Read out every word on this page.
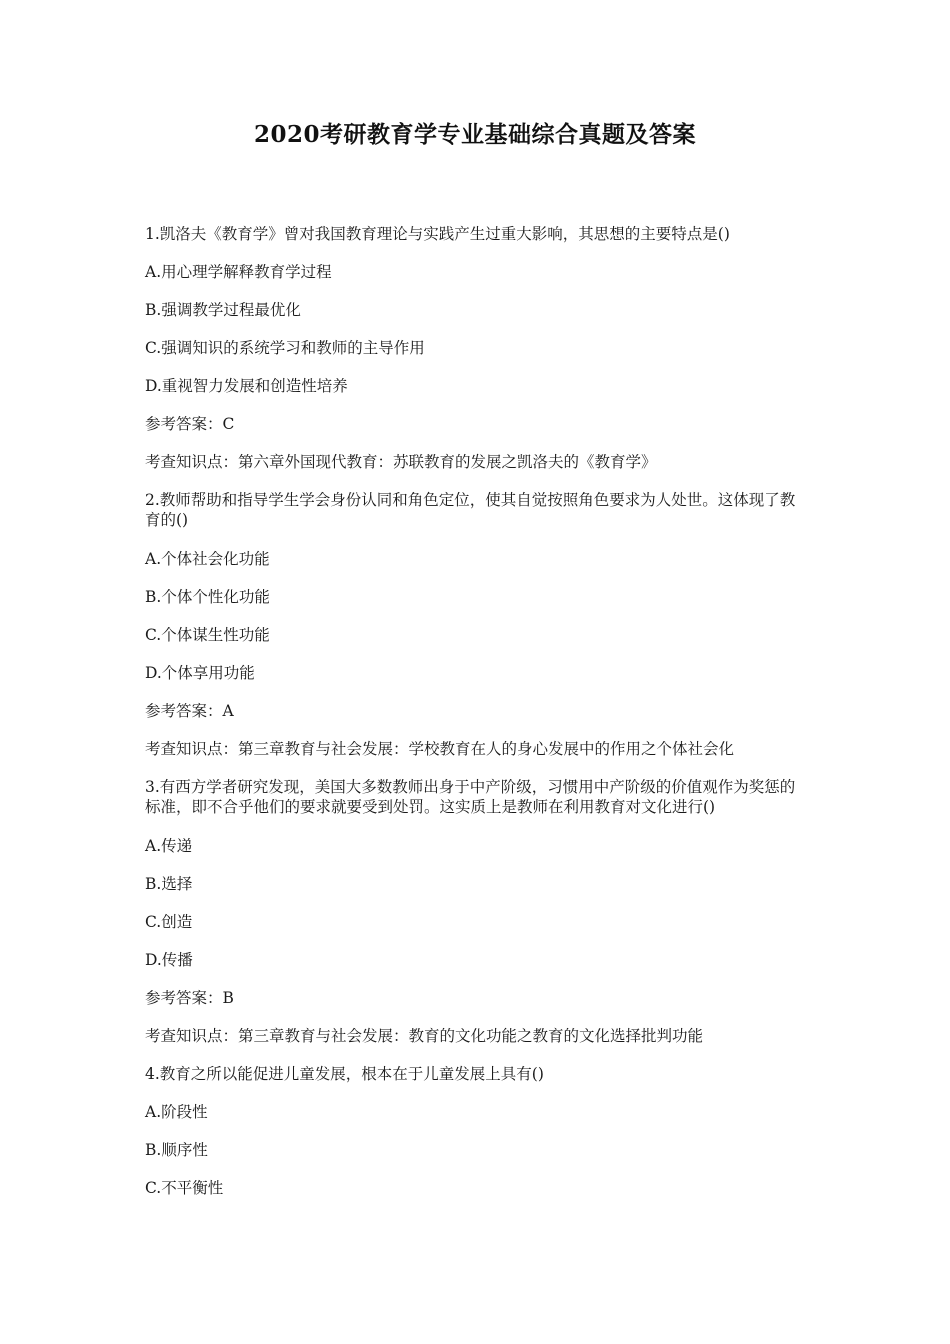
2020考研教育学专业基础综合真题及答案
1.凯洛夫《教育学》曾对我国教育理论与实践产生过重大影响，其思想的主要特点是()
A.用心理学解释教育学过程
B.强调教学过程最优化
C.强调知识的系统学习和教师的主导作用
D.重视智力发展和创造性培养
参考答案：C
考查知识点：第六章外国现代教育：苏联教育的发展之凯洛夫的《教育学》
2.教师帮助和指导学生学会身份认同和角色定位，使其自觉按照角色要求为人处世。这体现了教育的()
A.个体社会化功能
B.个体个性化功能
C.个体谋生性功能
D.个体享用功能
参考答案：A
考查知识点：第三章教育与社会发展：学校教育在人的身心发展中的作用之个体社会化
3.有西方学者研究发现，美国大多数教师出身于中产阶级，习惯用中产阶级的价值观作为奖惩的标准，即不合乎他们的要求就要受到处罚。这实质上是教师在利用教育对文化进行()
A.传递
B.选择
C.创造
D.传播
参考答案：B
考查知识点：第三章教育与社会发展：教育的文化功能之教育的文化选择批判功能
4.教育之所以能促进儿童发展，根本在于儿童发展上具有()
A.阶段性
B.顺序性
C.不平衡性
